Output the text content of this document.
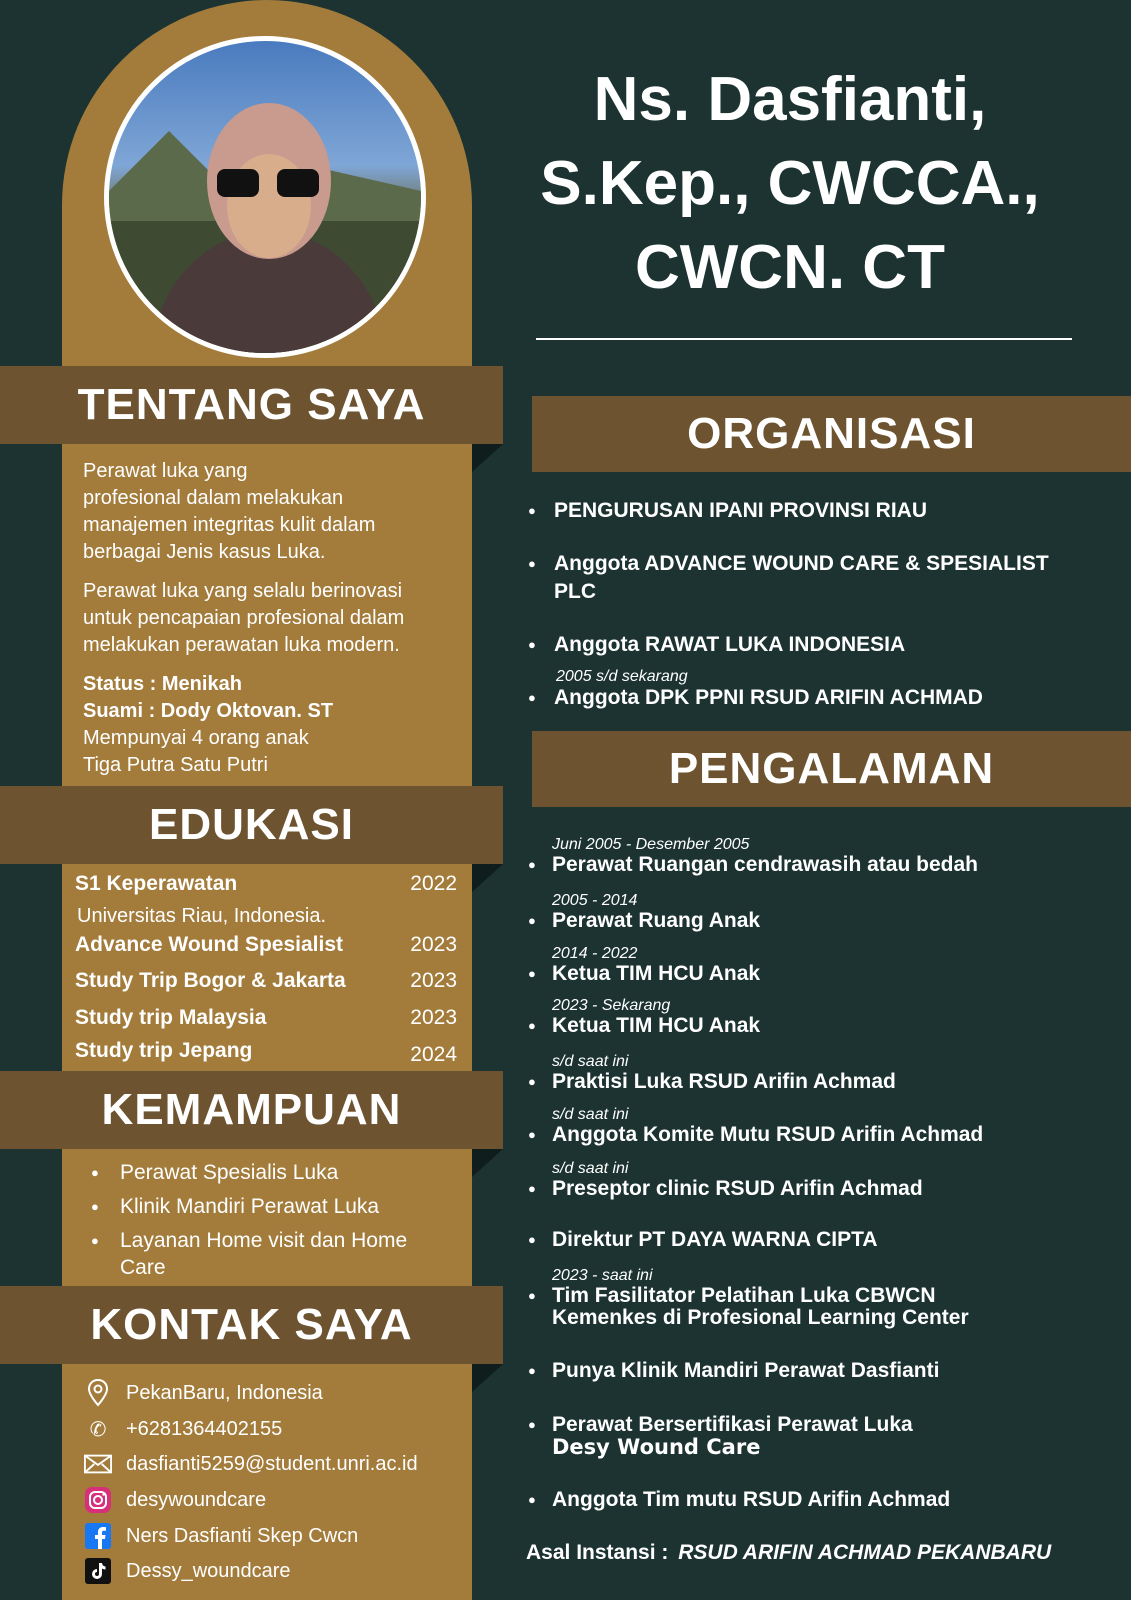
TENTANG SAYA
Perawat luka yang
profesional dalam melakukan
manajemen integritas kulit dalam
berbagai Jenis kasus Luka.
Perawat luka yang selalu berinovasi
untuk pencapaian profesional dalam
melakukan perawatan luka modern.
Status : Menikah
Suami : Dody Oktovan. ST
Mempunyai 4 orang anak
Tiga Putra Satu Putri
EDUKASI
S1 Keperawatan	2022
Universitas Riau, Indonesia.
Advance Wound Spesialist	2023
Study Trip Bogor & Jakarta	2023
Study trip Malaysia	2023
Study trip Jepang	2024
KEMAMPUAN
● Perawat Spesialis Luka
● Klinik Mandiri Perawat Luka
● Layanan Home visit dan Home
Care
KONTAK SAYA
PekanBaru, Indonesia
✆ +6281364402155
dasfianti5259@student.unri.ac.id
desywoundcare
Ners Dasfianti Skep Cwcn
Dessy_woundcare
Ns. Dasfianti,
S.Kep., CWCCA.,
CWCN. CT
ORGANISASI
● PENGURUSAN IPANI PROVINSI RIAU
● Anggota ADVANCE WOUND CARE & SPESIALIST
PLC
● Anggota RAWAT LUKA INDONESIA
2005 s/d sekarang
● Anggota DPK PPNI RSUD ARIFIN ACHMAD
PENGALAMAN
Juni 2005 - Desember 2005
Perawat Ruangan cendrawasih atau bedah
●
2005 - 2014
Perawat Ruang Anak
●
2014 - 2022
Ketua TIM HCU Anak
●
2023 - Sekarang
Ketua TIM HCU Anak
●
s/d saat ini
Praktisi Luka RSUD Arifin Achmad
●
s/d saat ini
Anggota Komite Mutu RSUD Arifin Achmad
●
s/d saat ini
Preseptor clinic RSUD Arifin Achmad
●
Direktur PT DAYA WARNA CIPTA
●
2023 - saat ini
Tim Fasilitator Pelatihan Luka CBWCN
Kemenkes di Profesional Learning Center
●
Punya Klinik Mandiri Perawat Dasfianti
●
Perawat Bersertifikasi Perawat Luka
Desy Wound Care
●
Anggota Tim mutu RSUD Arifin Achmad
●
Asal Instansi : RSUD ARIFIN ACHMAD PEKANBARU
